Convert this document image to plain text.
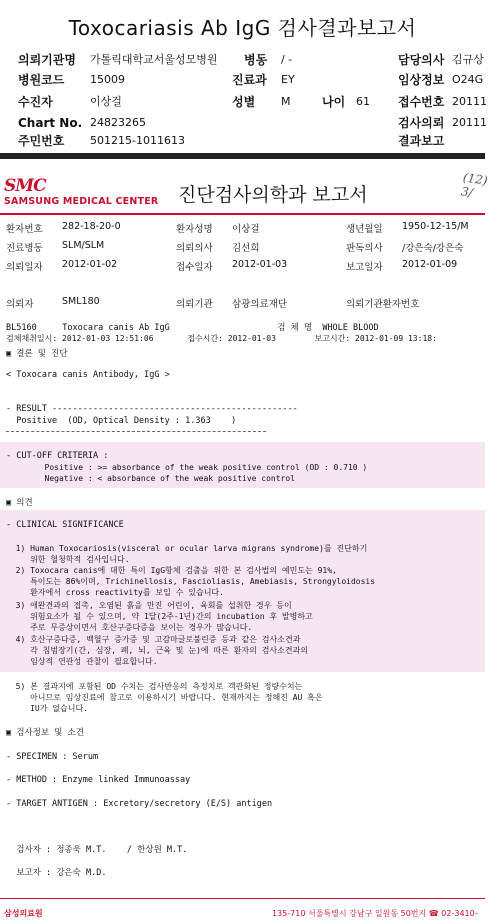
Toxocariasis Ab IgG 검사결과보고서
의뢰기관명 가톨릭대학교서울성모병원 병동 / -	담당의사 김규상
병원코드 15009	진료과 EY	임상정보 O24G
수진자	이상걸	성별 M	나이 61 접수번호 20111
Chart No. 24823265	검사의뢰 20111
주민번호 501215-1011613	결과보고
SMC
SAMSUNG MEDICAL CENTER 진단검사의학과 보고서
(12)
3/
환자번호 282-18-20-0	환자성명 이상걸	생년월일 1950-12-15/M
진료병동 SLM/SLM	의뢰의사 김선희	판독의사 /강은숙/강은숙
의뢰일자 2012-01-02	접수일자 2012-01-03	보고일자 2012-01-09
의뢰자	SML180	의뢰기관 삼광의료재단	의뢰기관환자번호
BL5160     Toxocara canis Ab IgG                     검 체 명  WHOLE BLOOD
검체채취일시: 2012-01-03 12:51:06       접수시간: 2012-01-03        보고시간: 2012-01-09 13:18:
▣ 결론 및 진단
< Toxocara canis Antibody, IgG >
- RESULT ------------------------------------------------
Positive  (OD, Optical Density : 1.363    )
- CUT-OFF CRITERIA :
Positive : >= absorbance of the weak positive control (OD : 0.710 )
Negative : < absorbance of the weak positive control
▣ 의견
- CLINICAL SIGNIFICANCE
1) Human Toxocariosis(visceral or ocular larva migrans syndrome)를 진단하기
위한 혈청학적 검사입니다.
2) Toxocara canis에 대한 특이 IgG항체 검출을 위한 본 검사법의 예민도는 91%,
특이도는 86%이며, Trichinellosis, Fascioliasis, Amebiasis, Strongyloidosis
환자에서 cross reactivity를 보일 수 있습니다.
3) 애완견과의 접촉, 오염된 흙을 만진 어린이, 육회를 섭취한 경우 등이
위험요소가 될 수 있으며, 약 1달(2주-1년)간의 incubation 후 발병하고
주로 무증상이면서 호산구증다증을 보이는 경우가 많습니다.
4) 호산구증다증, 백혈구 증가증 및 고감마글로불린증 등과 같은 검사소견과
각 침범장기(간, 심장, 폐, 뇌, 근육 및 눈)에 따른 환자의 검사소견과의
임상적 연관성 관찰이 필요합니다.
5) 본 결과지에 포함된 OD 수치는 검사반응의 측정치로 객관화된 정량수치는
아니므로 임상진료에 참고로 이용하시기 바랍니다. 현재까지는 정해진 AU 혹은
IU가 없습니다.
▣ 검사정보 및 소견
- SPECIMEN : Serum
- METHOD : Enzyme linked Immunoassay
- TARGET ANTIGEN : Excretory/secretory (E/S) antigen
검사자 : 정종욱 M.T.    / 한상원 M.T.
보고자 : 강은숙 M.D.
삼성의료원	135-710 서울특별시 강남구 일원동 50번지 ☎ 02-3410-
